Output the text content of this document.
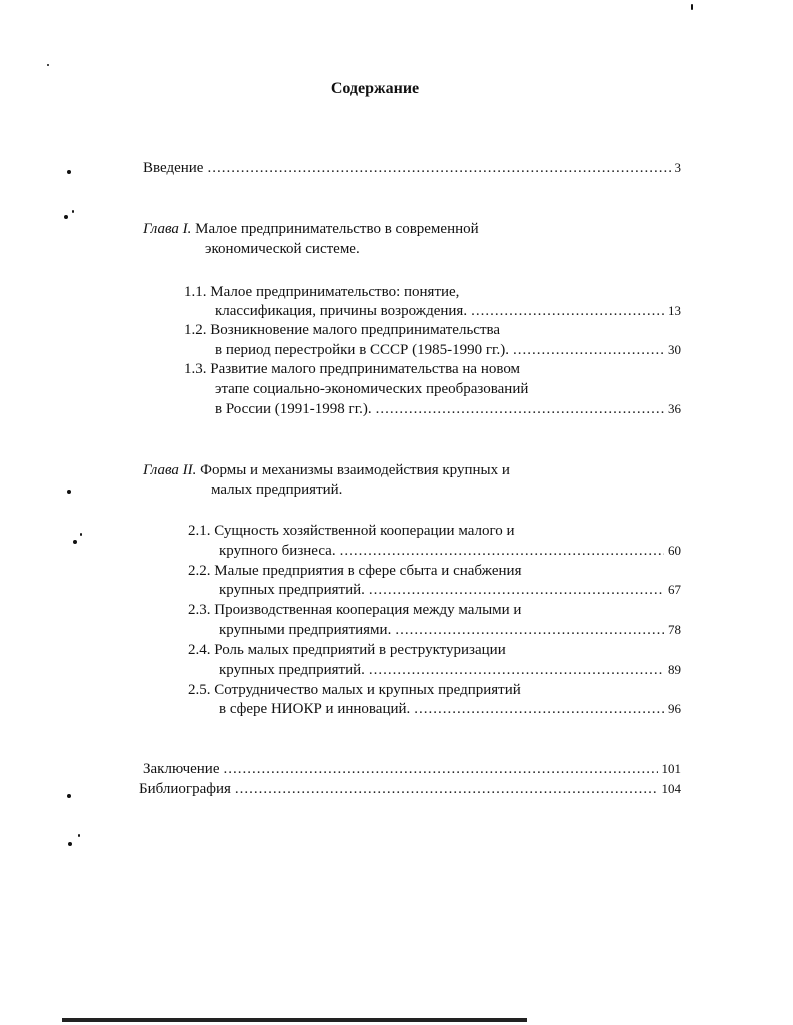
Содержание
Введение .....	3
Глава I. Малое предпринимательство в современной
экономической системе.
1.1. Малое предпринимательство: понятие,
классификация, причины возрождения. .....	13
1.2. Возникновение малого предпринимательства
в период перестройки в СССР (1985-1990 гг.). .....	30
1.3. Развитие малого предпринимательства на новом
этапе социально-экономических преобразований
в России (1991-1998 гг.). .....	36
Глава II. Формы и механизмы взаимодействия крупных и
малых предприятий.
2.1. Сущность хозяйственной кооперации малого и
крупного бизнеса. .....	60
2.2. Малые предприятия в сфере сбыта и снабжения
крупных предприятий. .....	67
2.3. Производственная кооперация между малыми и
крупными предприятиями. .....	78
2.4. Роль малых предприятий в реструктуризации
крупных предприятий. .....	89
2.5. Сотрудничество малых и крупных предприятий
в сфере НИОКР и инноваций. .....	96
Заключение .....	101
Библиография .....	104
